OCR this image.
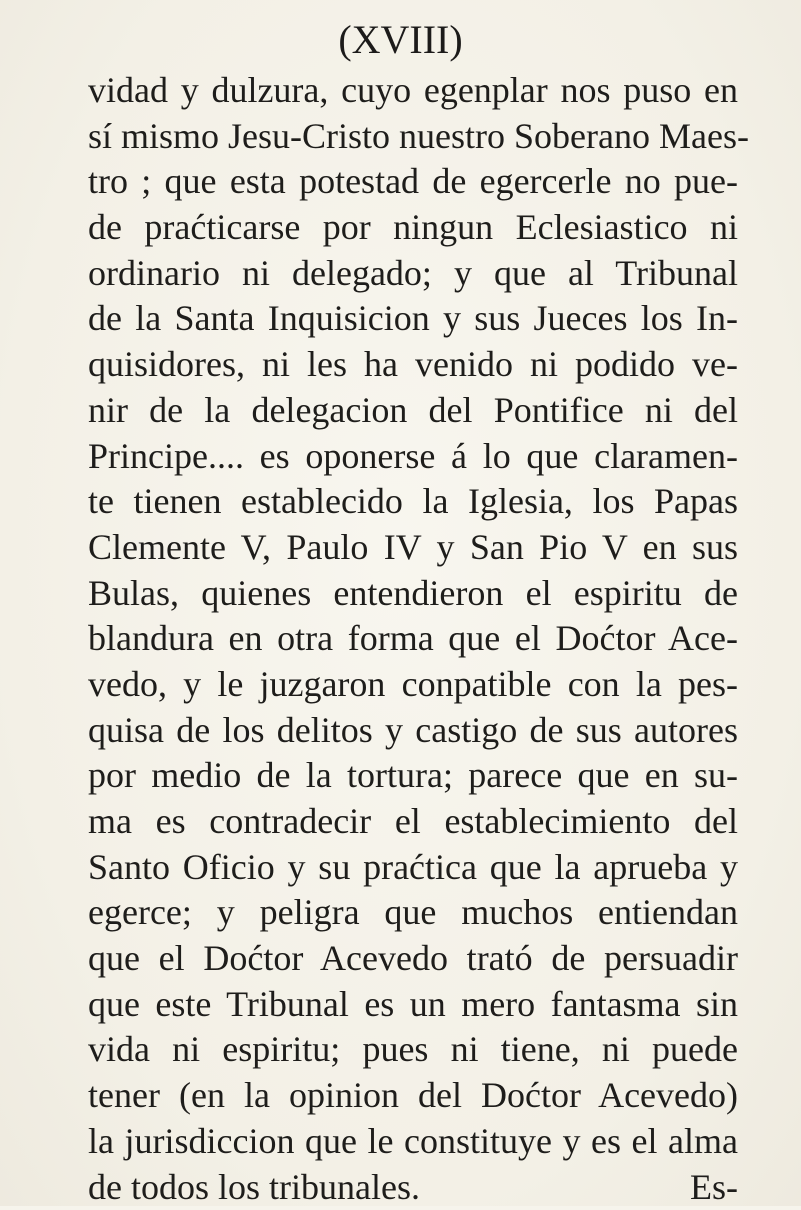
(XVIII)
vidad y dulzura, cuyo egenplar nos puso en
sí mismo Jesu-Cristo nuestro Soberano Maes-
tro ; que esta potestad de egercerle no pue-
de praćticarse por ningun Eclesiastico ni
ordinario ni delegado; y que al Tribunal
de la Santa Inquisicion y sus Jueces los In-
quisidores, ni les ha venido ni podido ve-
nir de la delegacion del Pontifice ni del
Principe.... es oponerse á lo que claramen-
te tienen establecido la Iglesia, los Papas
Clemente V, Paulo IV y San Pio V en sus
Bulas, quienes entendieron el espiritu de
blandura en otra forma que el Doćtor Ace-
vedo, y le juzgaron conpatible con la pes-
quisa de los delitos y castigo de sus autores
por medio de la tortura; parece que en su-
ma es contradecir el establecimiento del
Santo Oficio y su praćtica que la aprueba y
egerce; y peligra que muchos entiendan
que el Doćtor Acevedo trató de persuadir
que este Tribunal es un mero fantasma sin
vida ni espiritu; pues ni tiene, ni puede
tener (en la opinion del Doćtor Acevedo)
la jurisdiccion que le constituye y es el alma
de todos los tribunales.	Es-
